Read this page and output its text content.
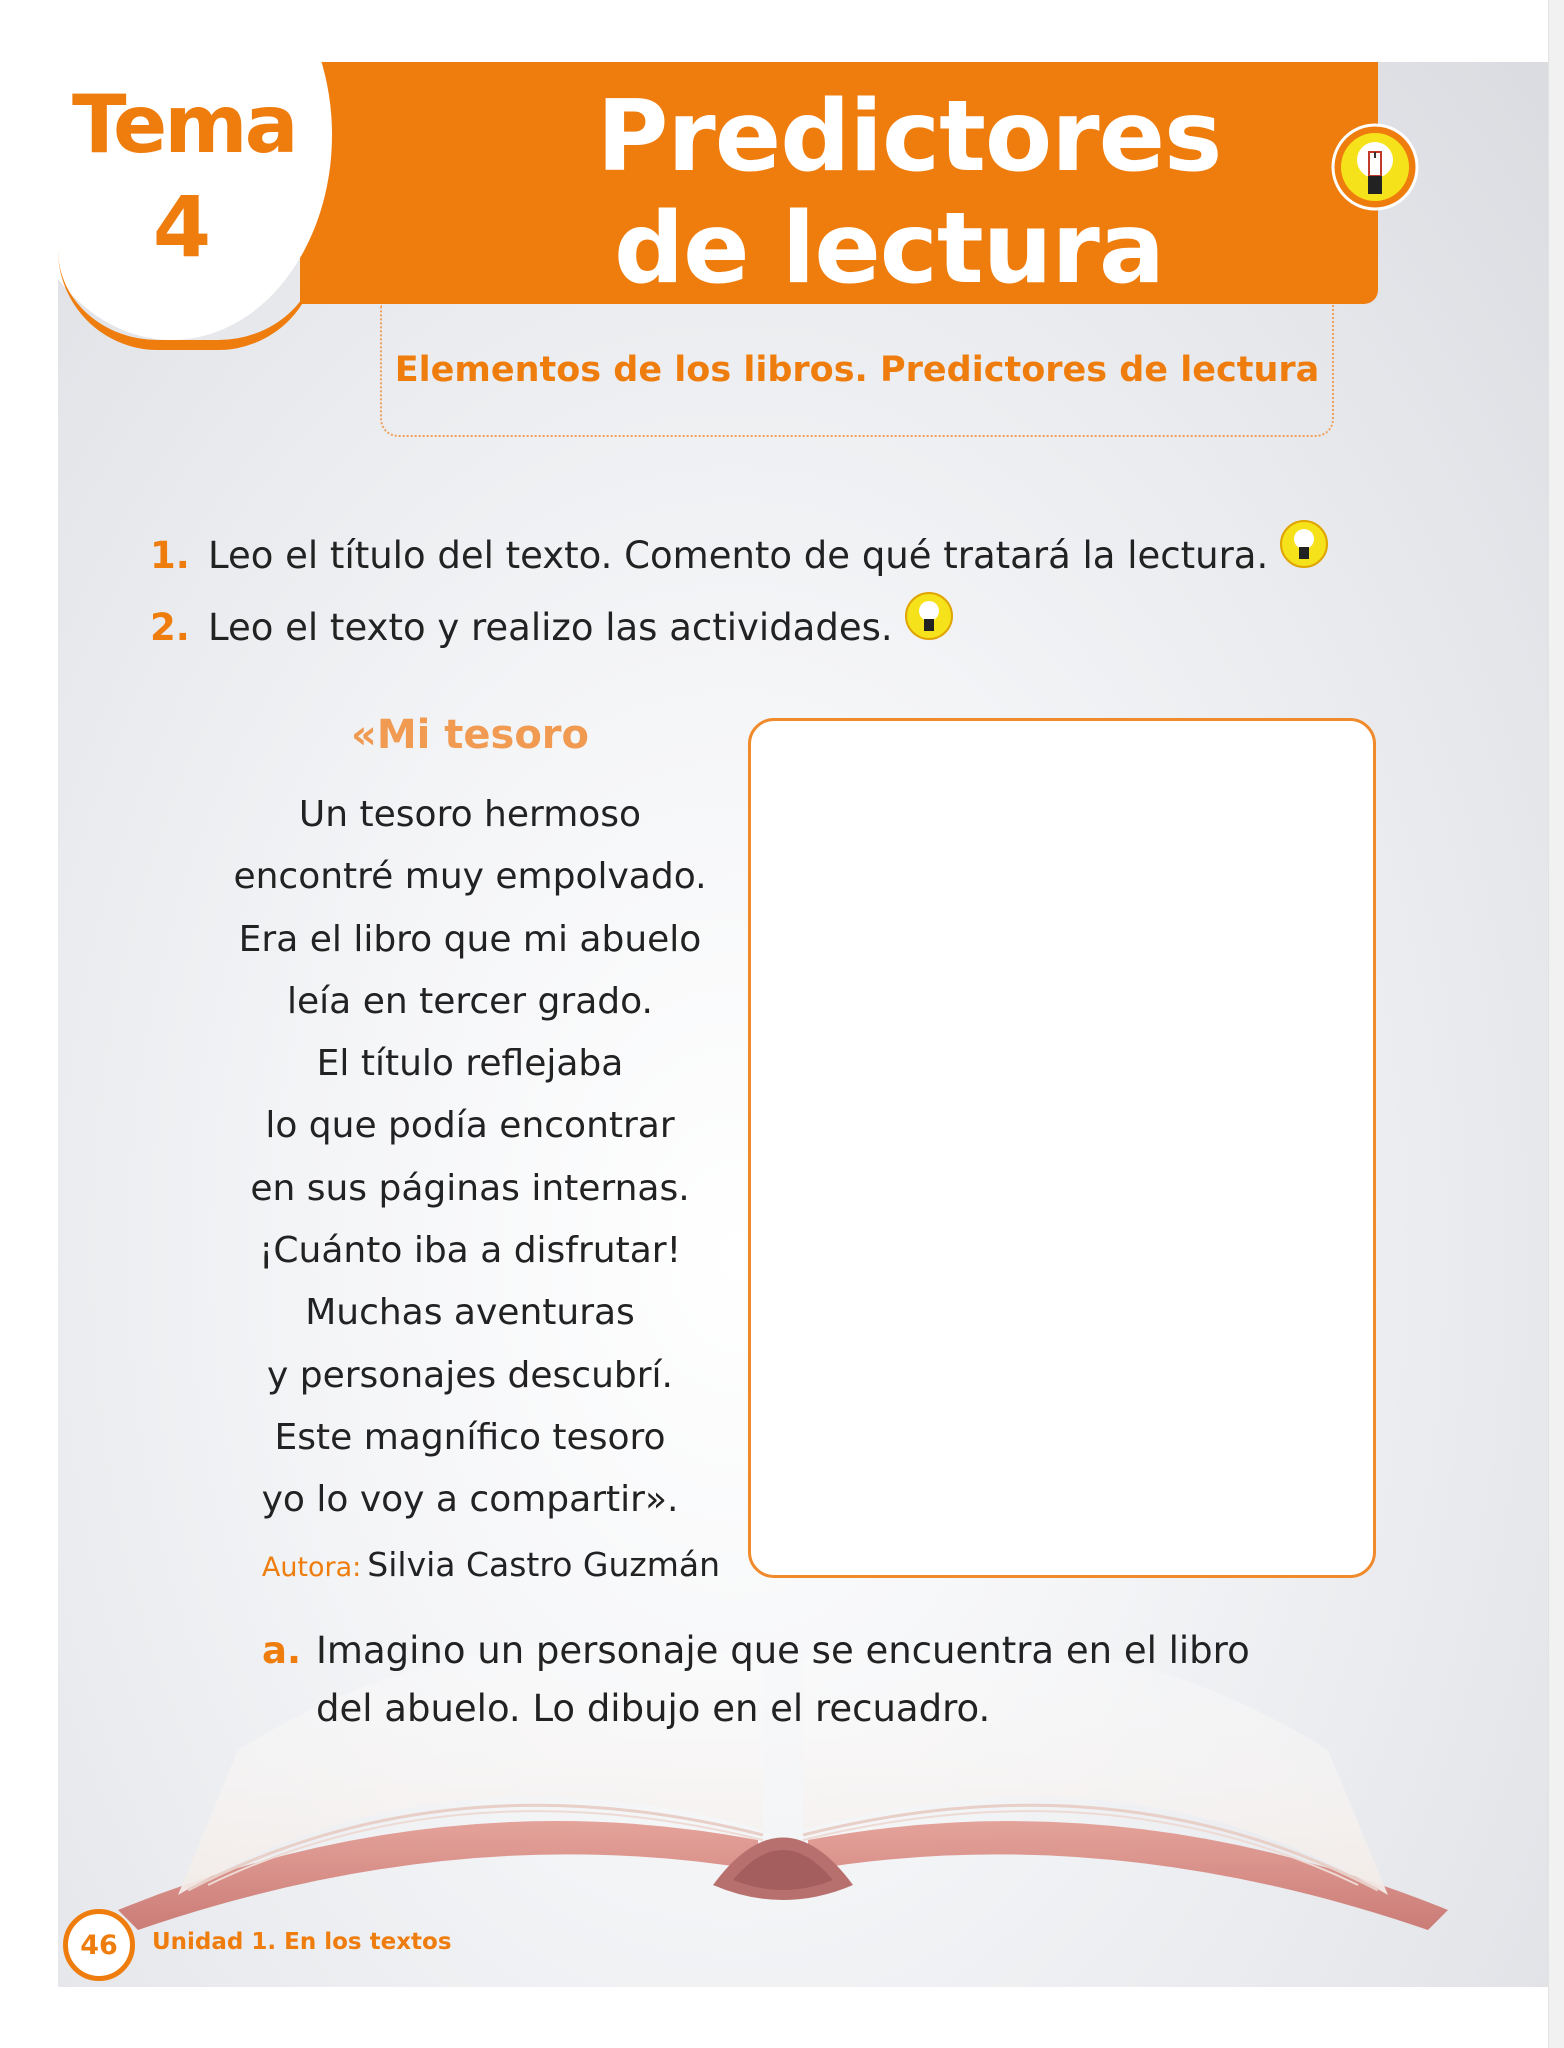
Tema
4
Predictores
de lectura
Elementos de los libros. Predictores de lectura
1. Leo el título del texto. Comento de qué tratará la lectura.
2. Leo el texto y realizo las actividades.
«Mi tesoro
Un tesoro hermoso
encontré muy empolvado.
Era el libro que mi abuelo
leía en tercer grado.
El título reflejaba
lo que podía encontrar
en sus páginas internas.
¡Cuánto iba a disfrutar!
Muchas aventuras
y personajes descubrí.
Este magnífico tesoro
yo lo voy a compartir».
Autora: Silvia Castro Guzmán
a. Imagino un personaje que se encuentra en el libro del abuelo. Lo dibujo en el recuadro.
46	Unidad 1. En los textos
